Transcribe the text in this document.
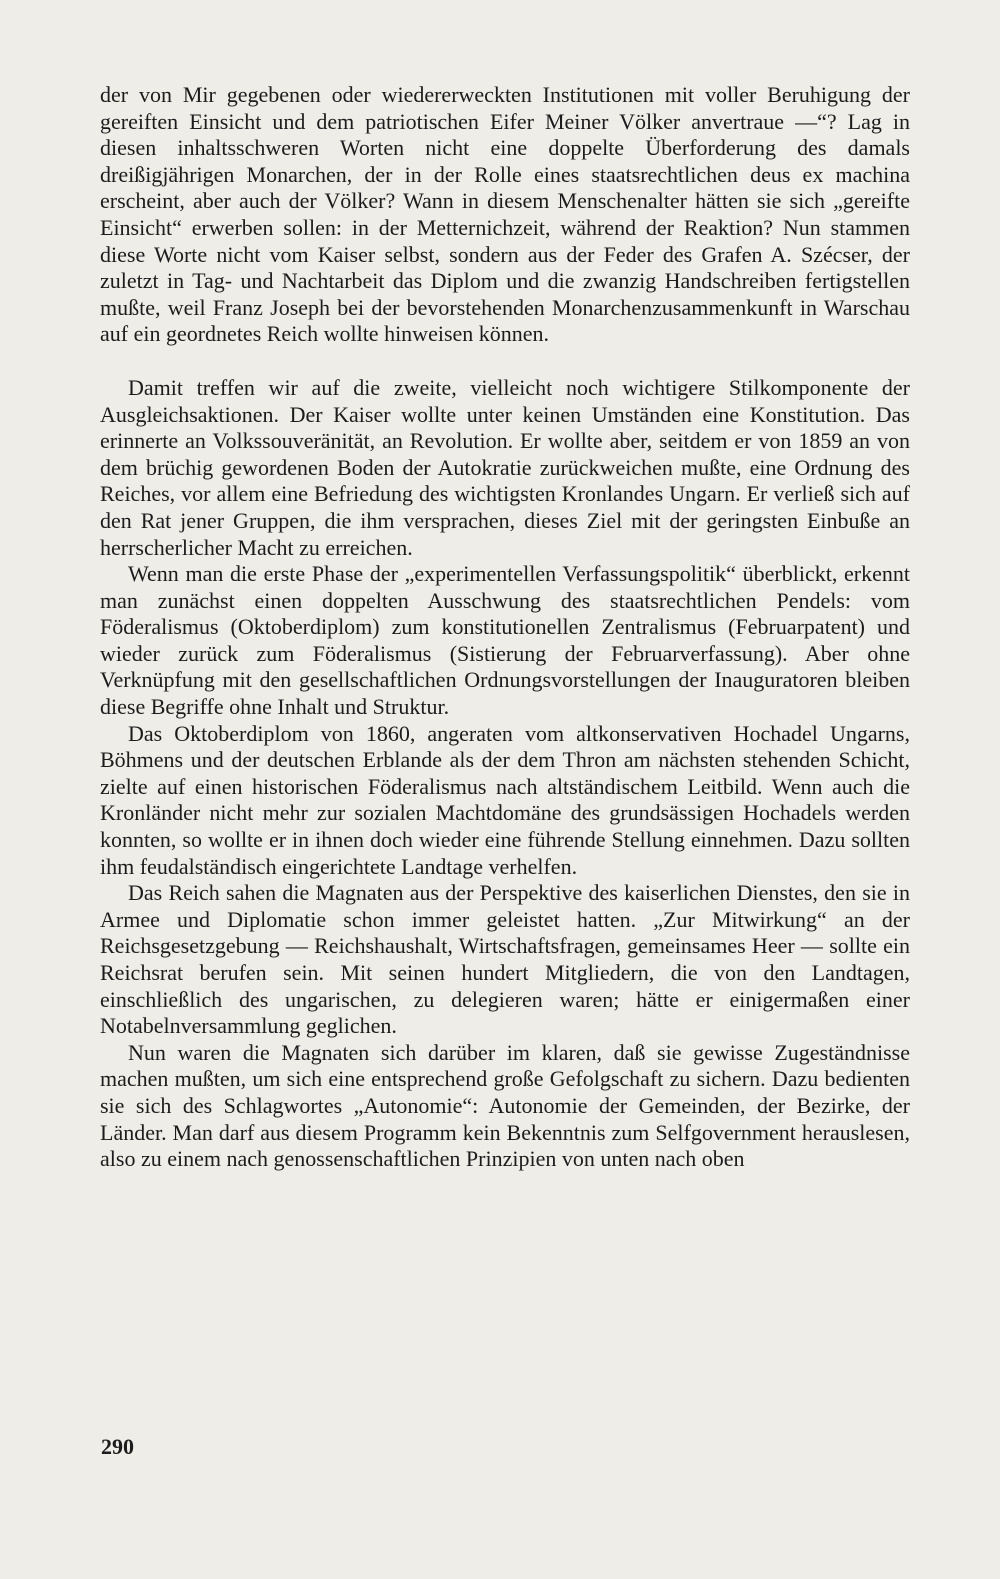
der von Mir gegebenen oder wiedererweckten Institutionen mit voller Beruhigung der gereiften Einsicht und dem patriotischen Eifer Meiner Völker anvertraue —“? Lag in diesen inhaltsschweren Worten nicht eine doppelte Überforderung des damals dreißigjährigen Monarchen, der in der Rolle eines staatsrechtlichen deus ex machina erscheint, aber auch der Völker? Wann in diesem Menschenalter hätten sie sich „gereifte Einsicht“ erwerben sollen: in der Metternichzeit, während der Reaktion? Nun stammen diese Worte nicht vom Kaiser selbst, sondern aus der Feder des Grafen A. Szécser, der zuletzt in Tag- und Nachtarbeit das Diplom und die zwanzig Handschreiben fertigstellen mußte, weil Franz Joseph bei der bevorstehenden Monarchenzusammenkunft in Warschau auf ein geordnetes Reich wollte hinweisen können.

Damit treffen wir auf die zweite, vielleicht noch wichtigere Stilkomponente der Ausgleichsaktionen. Der Kaiser wollte unter keinen Umständen eine Konstitution. Das erinnerte an Volkssouveränität, an Revolution. Er wollte aber, seitdem er von 1859 an von dem brüchig gewordenen Boden der Autokratie zurückweichen mußte, eine Ordnung des Reiches, vor allem eine Befriedung des wichtigsten Kronlandes Ungarn. Er verließ sich auf den Rat jener Gruppen, die ihm versprachen, dieses Ziel mit der geringsten Einbuße an herrscherlicher Macht zu erreichen.

Wenn man die erste Phase der „experimentellen Verfassungspolitik“ überblickt, erkennt man zunächst einen doppelten Ausschwung des staatsrechtlichen Pendels: vom Föderalismus (Oktoberdiplom) zum konstitutionellen Zentralismus (Februarpatent) und wieder zurück zum Föderalismus (Sistierung der Februarverfassung). Aber ohne Verknüpfung mit den gesellschaftlichen Ordnungsvorstellungen der Inauguratoren bleiben diese Begriffe ohne Inhalt und Struktur.

Das Oktoberdiplom von 1860, angeraten vom altkonservativen Hochadel Ungarns, Böhmens und der deutschen Erblande als der dem Thron am nächsten stehenden Schicht, zielte auf einen historischen Föderalismus nach altständischem Leitbild. Wenn auch die Kronländer nicht mehr zur sozialen Machtdomäne des grundsässigen Hochadels werden konnten, so wollte er in ihnen doch wieder eine führende Stellung einnehmen. Dazu sollten ihm feudalständisch eingerichtete Landtage verhelfen.

Das Reich sahen die Magnaten aus der Perspektive des kaiserlichen Dienstes, den sie in Armee und Diplomatie schon immer geleistet hatten. „Zur Mitwirkung“ an der Reichsgesetzgebung — Reichshaushalt, Wirtschaftsfragen, gemeinsames Heer — sollte ein Reichsrat berufen sein. Mit seinen hundert Mitgliedern, die von den Landtagen, einschließlich des ungarischen, zu delegieren waren; hätte er einigermaßen einer Notabelnversammlung geglichen.

Nun waren die Magnaten sich darüber im klaren, daß sie gewisse Zugeständnisse machen mußten, um sich eine entsprechend große Gefolgschaft zu sichern. Dazu bedienten sie sich des Schlagwortes „Autonomie“: Autonomie der Gemeinden, der Bezirke, der Länder. Man darf aus diesem Programm kein Bekenntnis zum Selfgovernment herauslesen, also zu einem nach genossenschaftlichen Prinzipien von unten nach oben

290
